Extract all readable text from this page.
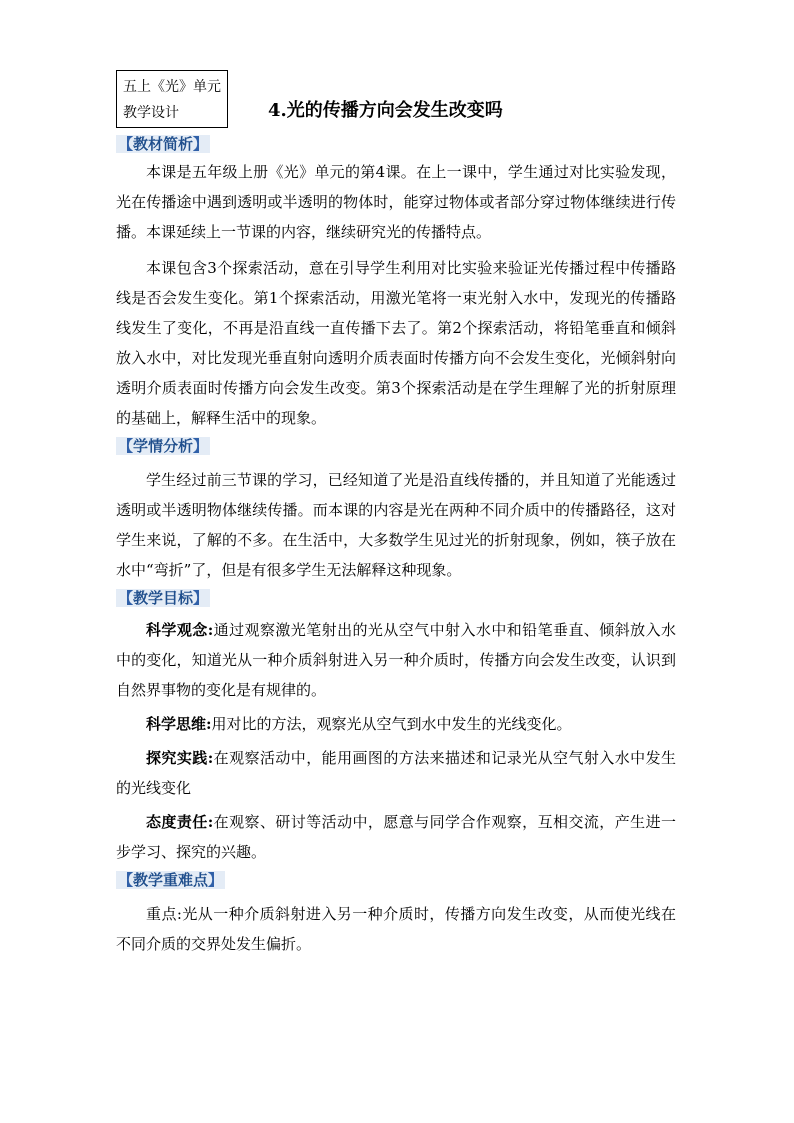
五上《光》单元教学设计	4.光的传播方向会发生改变吗
【教材简析】

本课是五年级上册《光》单元的第4课。在上一课中，学生通过对比实验发现，光在传播途中遇到透明或半透明的物体时，能穿过物体或者部分穿过物体继续进行传播。本课延续上一节课的内容，继续研究光的传播特点。

本课包含3个探索活动，意在引导学生利用对比实验来验证光传播过程中传播路线是否会发生变化。第1个探索活动，用激光笔将一束光射入水中，发现光的传播路线发生了变化，不再是沿直线一直传播下去了。第2个探索活动，将铅笔垂直和倾斜放入水中，对比发现光垂直射向透明介质表面时传播方向不会发生变化，光倾斜射向透明介质表面时传播方向会发生改变。第3个探索活动是在学生理解了光的折射原理的基础上，解释生活中的现象。

【学情分析】

学生经过前三节课的学习，已经知道了光是沿直线传播的，并且知道了光能透过透明或半透明物体继续传播。而本课的内容是光在两种不同介质中的传播路径，这对学生来说，了解的不多。在生活中，大多数学生见过光的折射现象，例如，筷子放在水中“弯折”了，但是有很多学生无法解释这种现象。

【教学目标】

科学观念:通过观察激光笔射出的光从空气中射入水中和铅笔垂直、倾斜放入水中的变化，知道光从一种介质斜射进入另一种介质时，传播方向会发生改变，认识到自然界事物的变化是有规律的。

科学思维:用对比的方法，观察光从空气到水中发生的光线变化。

探究实践:在观察活动中，能用画图的方法来描述和记录光从空气射入水中发生的光线变化

态度责任:在观察、研讨等活动中，愿意与同学合作观察，互相交流，产生进一步学习、探究的兴趣。

【教学重难点】

重点:光从一种介质斜射进入另一种介质时，传播方向发生改变，从而使光线在不同介质的交界处发生偏折。
